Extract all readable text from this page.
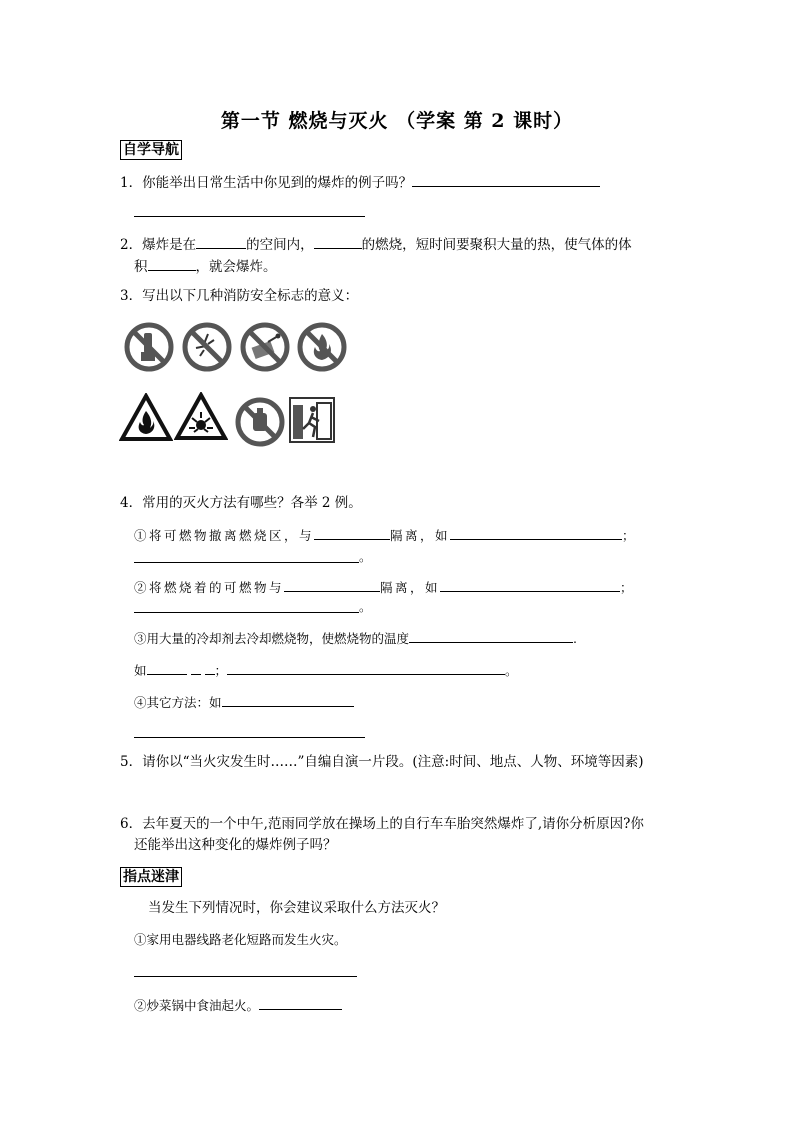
第一节 燃烧与灭火 （学案 第 2 课时）
自学导航
1．你能举出日常生活中你见到的爆炸的例子吗？
2．爆炸是在	的空间内，	的燃烧，短时间要聚积大量的热，使气体的体
积	，就会爆炸。
3．写出以下几种消防安全标志的意义：
4．常用的灭火方法有哪些？各举 2 例。
①将可燃物撤离燃烧区，与	隔离，如	；
。
②将燃烧着的可燃物与	隔离，如	；
。
③用大量的冷却剂去冷却燃烧物，使燃烧物的温度	.
如	；	。
④其它方法：如
5．请你以“当火灾发生时……”自编自演一片段。(注意:时间、地点、人物、环境等因素)
6．去年夏天的一个中午,范雨同学放在操场上的自行车车胎突然爆炸了,请你分析原因?你
还能举出这种变化的爆炸例子吗？
指点迷津
当发生下列情况时，你会建议采取什么方法灭火？
①家用电器线路老化短路而发生火灾。
②炒菜锅中食油起火。
